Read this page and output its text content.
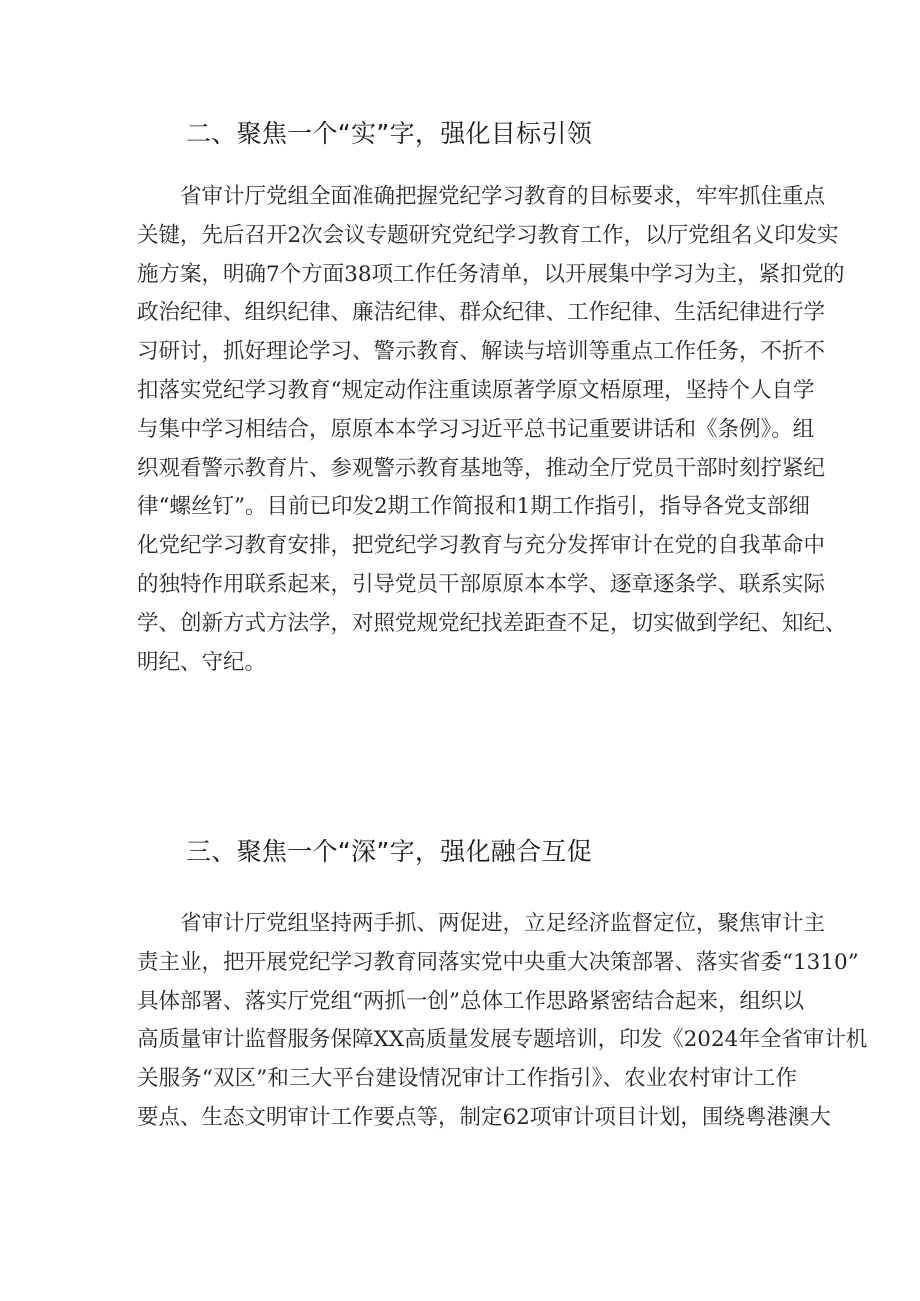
二、聚焦一个“实”字，强化目标引领
省审计厅党组全面准确把握党纪学习教育的目标要求，牢牢抓住重点
关键，先后召开2次会议专题研究党纪学习教育工作，以厅党组名义印发实
施方案，明确7个方面38项工作任务清单，以开展集中学习为主，紧扣党的
政治纪律、组织纪律、廉洁纪律、群众纪律、工作纪律、生活纪律进行学
习研讨，抓好理论学习、警示教育、解读与培训等重点工作任务，不折不
扣落实党纪学习教育“规定动作注重读原著学原文梧原理，坚持个人自学
与集中学习相结合，原原本本学习习近平总书记重要讲话和《条例》。组
织观看警示教育片、参观警示教育基地等，推动全厅党员干部时刻拧紧纪
律“螺丝钉”。目前已印发2期工作简报和1期工作指引，指导各党支部细
化党纪学习教育安排，把党纪学习教育与充分发挥审计在党的自我革命中
的独特作用联系起来，引导党员干部原原本本学、逐章逐条学、联系实际
学、创新方式方法学，对照党规党纪找差距查不足，切实做到学纪、知纪、
明纪、守纪。
三、聚焦一个“深”字，强化融合互促
省审计厅党组坚持两手抓、两促进，立足经济监督定位，聚焦审计主
责主业，把开展党纪学习教育同落实党中央重大决策部署、落实省委“1310”
具体部署、落实厅党组“两抓一创”总体工作思路紧密结合起来，组织以
高质量审计监督服务保障XX高质量发展专题培训，印发《2024年全省审计机
关服务“双区”和三大平台建设情况审计工作指引》、农业农村审计工作
要点、生态文明审计工作要点等，制定62项审计项目计划，围绕粤港澳大
